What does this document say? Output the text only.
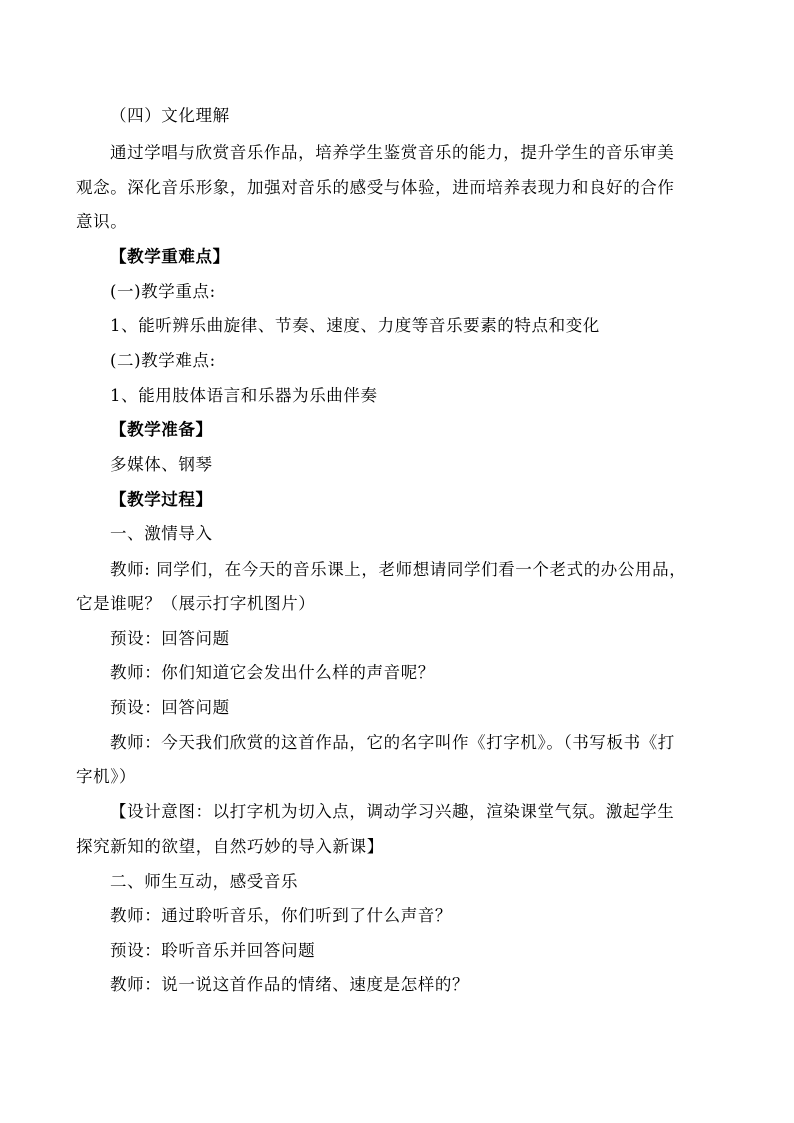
（四）文化理解
通过学唱与欣赏音乐作品，培养学生鉴赏音乐的能力，提升学生的音乐审美
观念。深化音乐形象，加强对音乐的感受与体验，进而培养表现力和良好的合作
意识。
【教学重难点】
(一)教学重点:
1、能听辨乐曲旋律、节奏、速度、力度等音乐要素的特点和变化
(二)教学难点:
1、能用肢体语言和乐器为乐曲伴奏
【教学准备】
多媒体、钢琴
【教学过程】
一、激情导入
教师: 同学们，在今天的音乐课上，老师想请同学们看一个老式的办公用品，
它是谁呢？（展示打字机图片）
预设：回答问题
教师：你们知道它会发出什么样的声音呢？
预设：回答问题
教师：今天我们欣赏的这首作品，它的名字叫作《打字机》。（书写板书《打
字机》）
【设计意图：以打字机为切入点，调动学习兴趣，渲染课堂气氛。激起学生
探究新知的欲望，自然巧妙的导入新课】
二、师生互动，感受音乐
教师：通过聆听音乐，你们听到了什么声音？
预设：聆听音乐并回答问题
教师：说一说这首作品的情绪、速度是怎样的？
